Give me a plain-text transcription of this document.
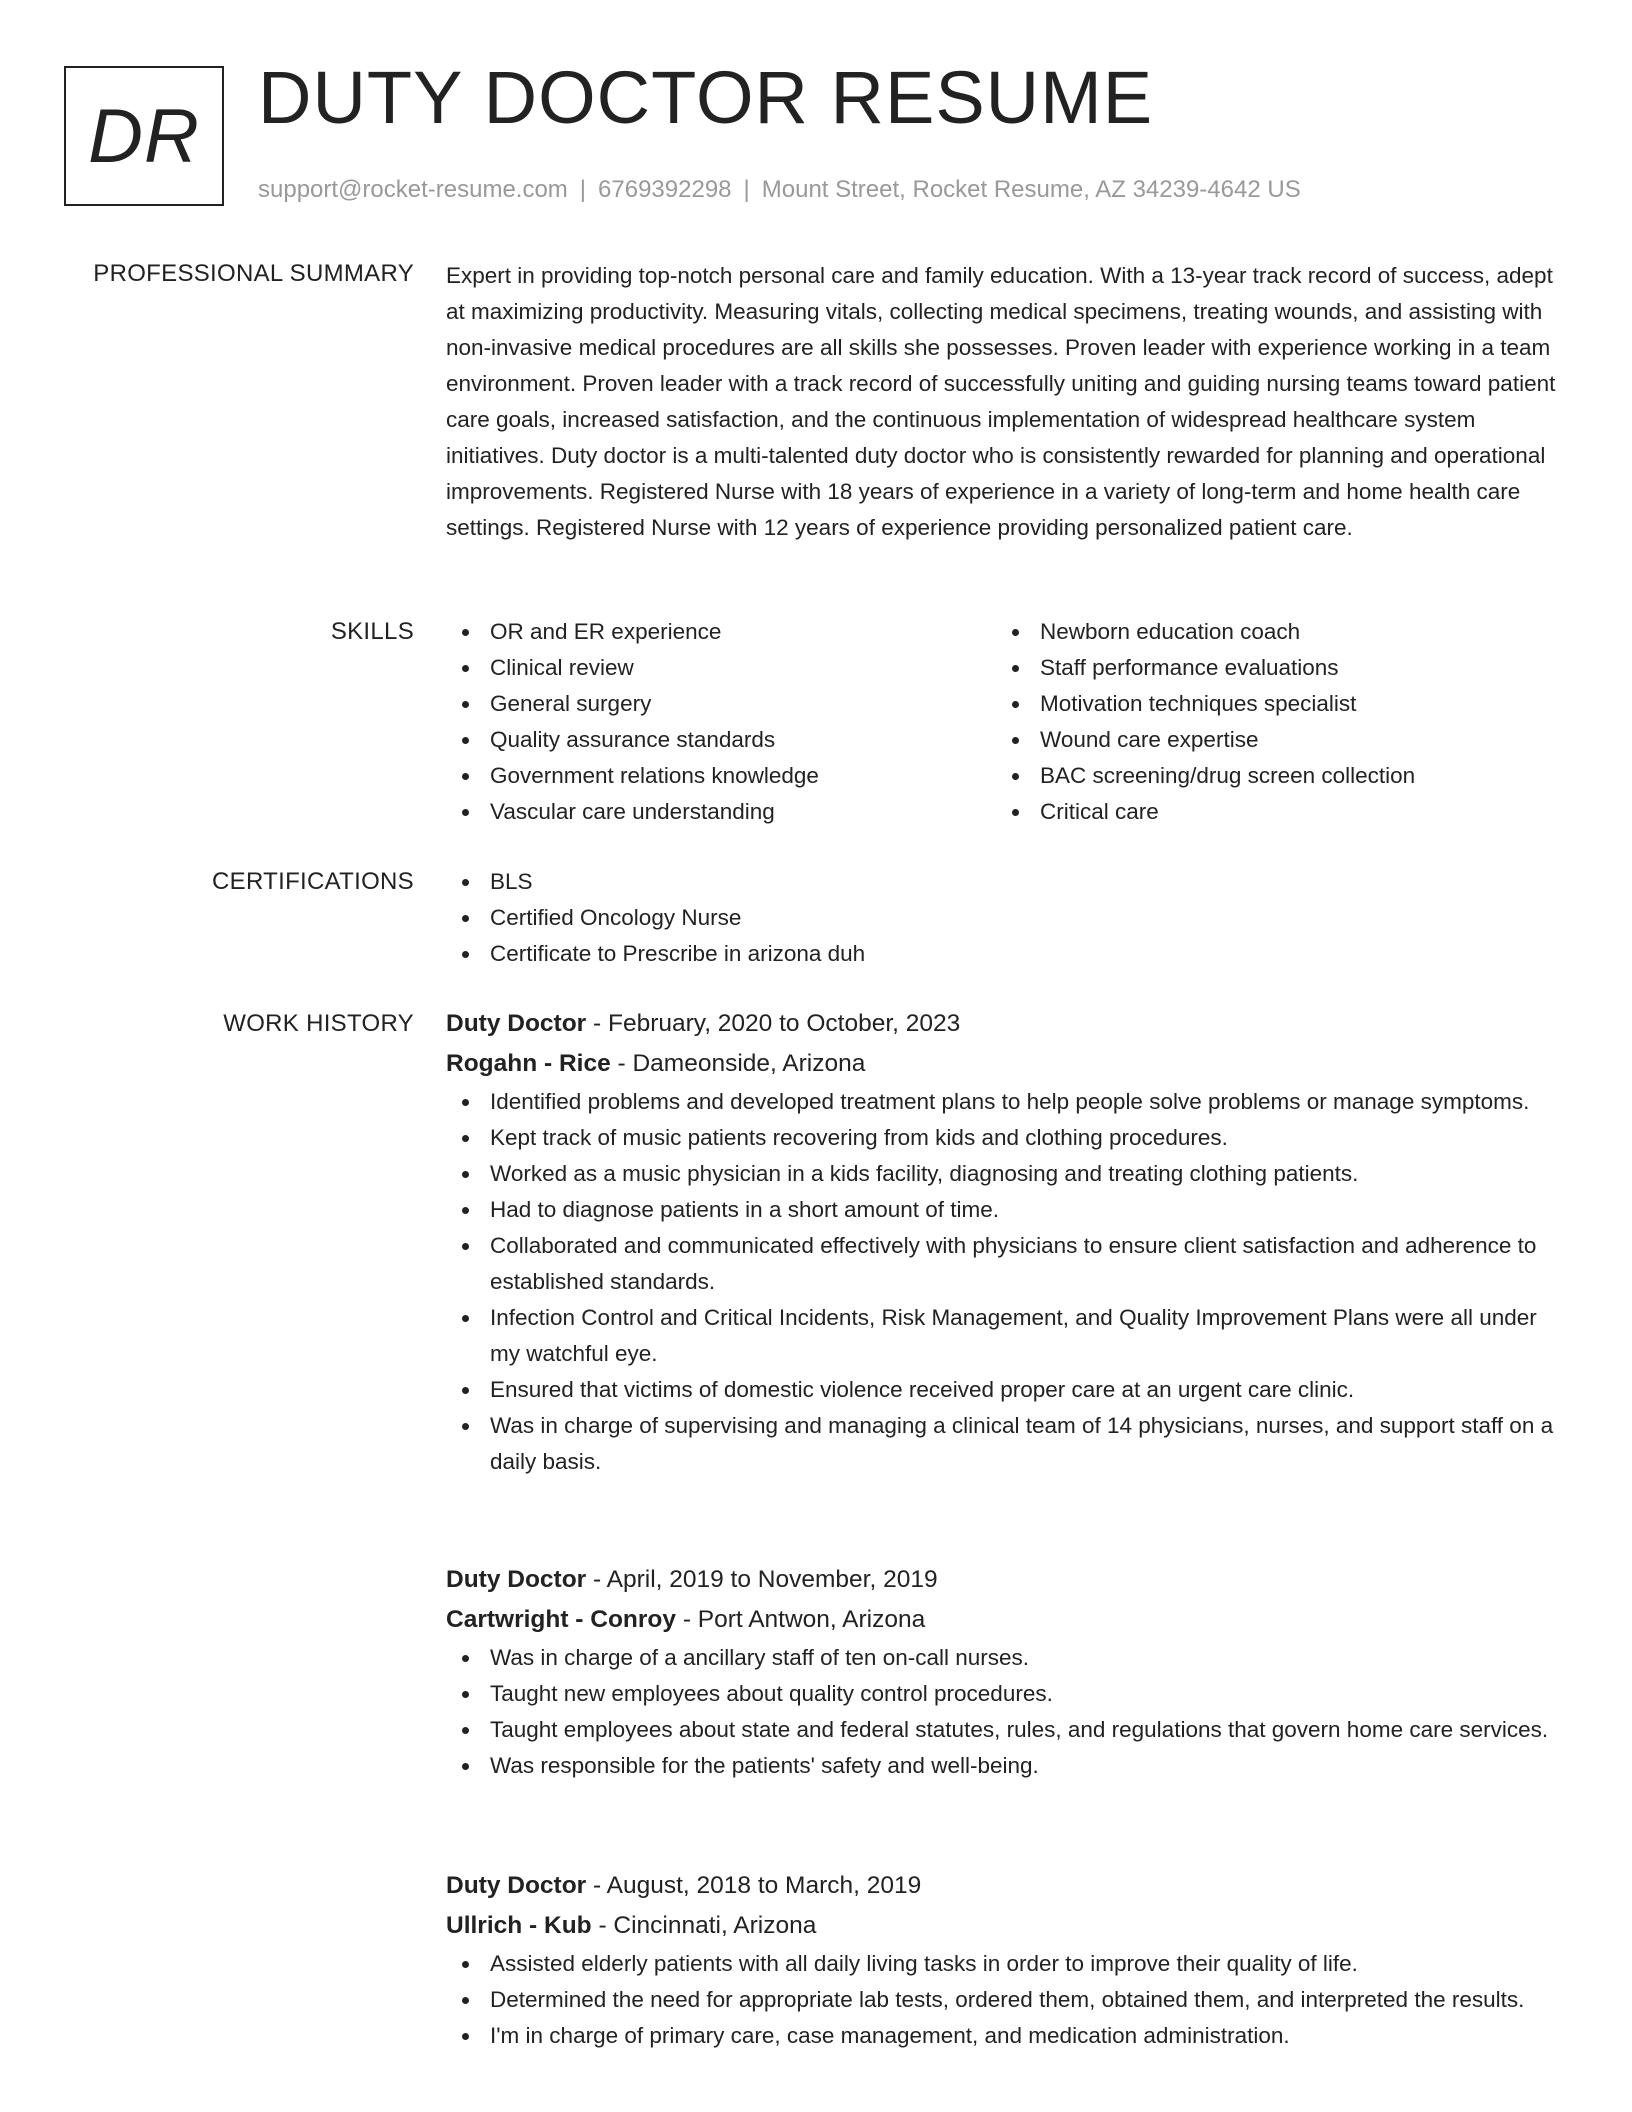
DR DUTY DOCTOR RESUME
support@rocket-resume.com | 6769392298 | Mount Street, Rocket Resume, AZ 34239-4642 US
PROFESSIONAL SUMMARY Expert in providing top-notch personal care and family education. With a 13-year track record of success, adept at maximizing productivity. Measuring vitals, collecting medical specimens, treating wounds, and assisting with non-invasive medical procedures are all skills she possesses. Proven leader with experience working in a team environment. Proven leader with a track record of successfully uniting and guiding nursing teams toward patient care goals, increased satisfaction, and the continuous implementation of widespread healthcare system initiatives. Duty doctor is a multi-talented duty doctor who is consistently rewarded for planning and operational improvements. Registered Nurse with 18 years of experience in a variety of long-term and home health care settings. Registered Nurse with 12 years of experience providing personalized patient care.

SKILLS	OR and ER experience
Clinical review
General surgery
Quality assurance standards
Government relations knowledge
Vascular care understanding
Newborn education coach
Staff performance evaluations
Motivation techniques specialist
Wound care expertise
BAC screening/drug screen collection
Critical care
CERTIFICATIONS	BLS
Certified Oncology Nurse
Certificate to Prescribe in arizona duh
WORK HISTORY Duty Doctor - February, 2020 to October, 2023
Rogahn - Rice - Dameonside, Arizona
Identified problems and developed treatment plans to help people solve problems or manage symptoms.
Kept track of music patients recovering from kids and clothing procedures.
Worked as a music physician in a kids facility, diagnosing and treating clothing patients.
Had to diagnose patients in a short amount of time.
Collaborated and communicated effectively with physicians to ensure client satisfaction and adherence to established standards.
Infection Control and Critical Incidents, Risk Management, and Quality Improvement Plans were all under my watchful eye.
Ensured that victims of domestic violence received proper care at an urgent care clinic.
Was in charge of supervising and managing a clinical team of 14 physicians, nurses, and support staff on a daily basis.
Duty Doctor - April, 2019 to November, 2019
Cartwright - Conroy - Port Antwon, Arizona
Was in charge of a ancillary staff of ten on-call nurses.
Taught new employees about quality control procedures.
Taught employees about state and federal statutes, rules, and regulations that govern home care services.
Was responsible for the patients' safety and well-being.
Duty Doctor - August, 2018 to March, 2019
Ullrich - Kub - Cincinnati, Arizona
Assisted elderly patients with all daily living tasks in order to improve their quality of life.
Determined the need for appropriate lab tests, ordered them, obtained them, and interpreted the results.
I'm in charge of primary care, case management, and medication administration.
